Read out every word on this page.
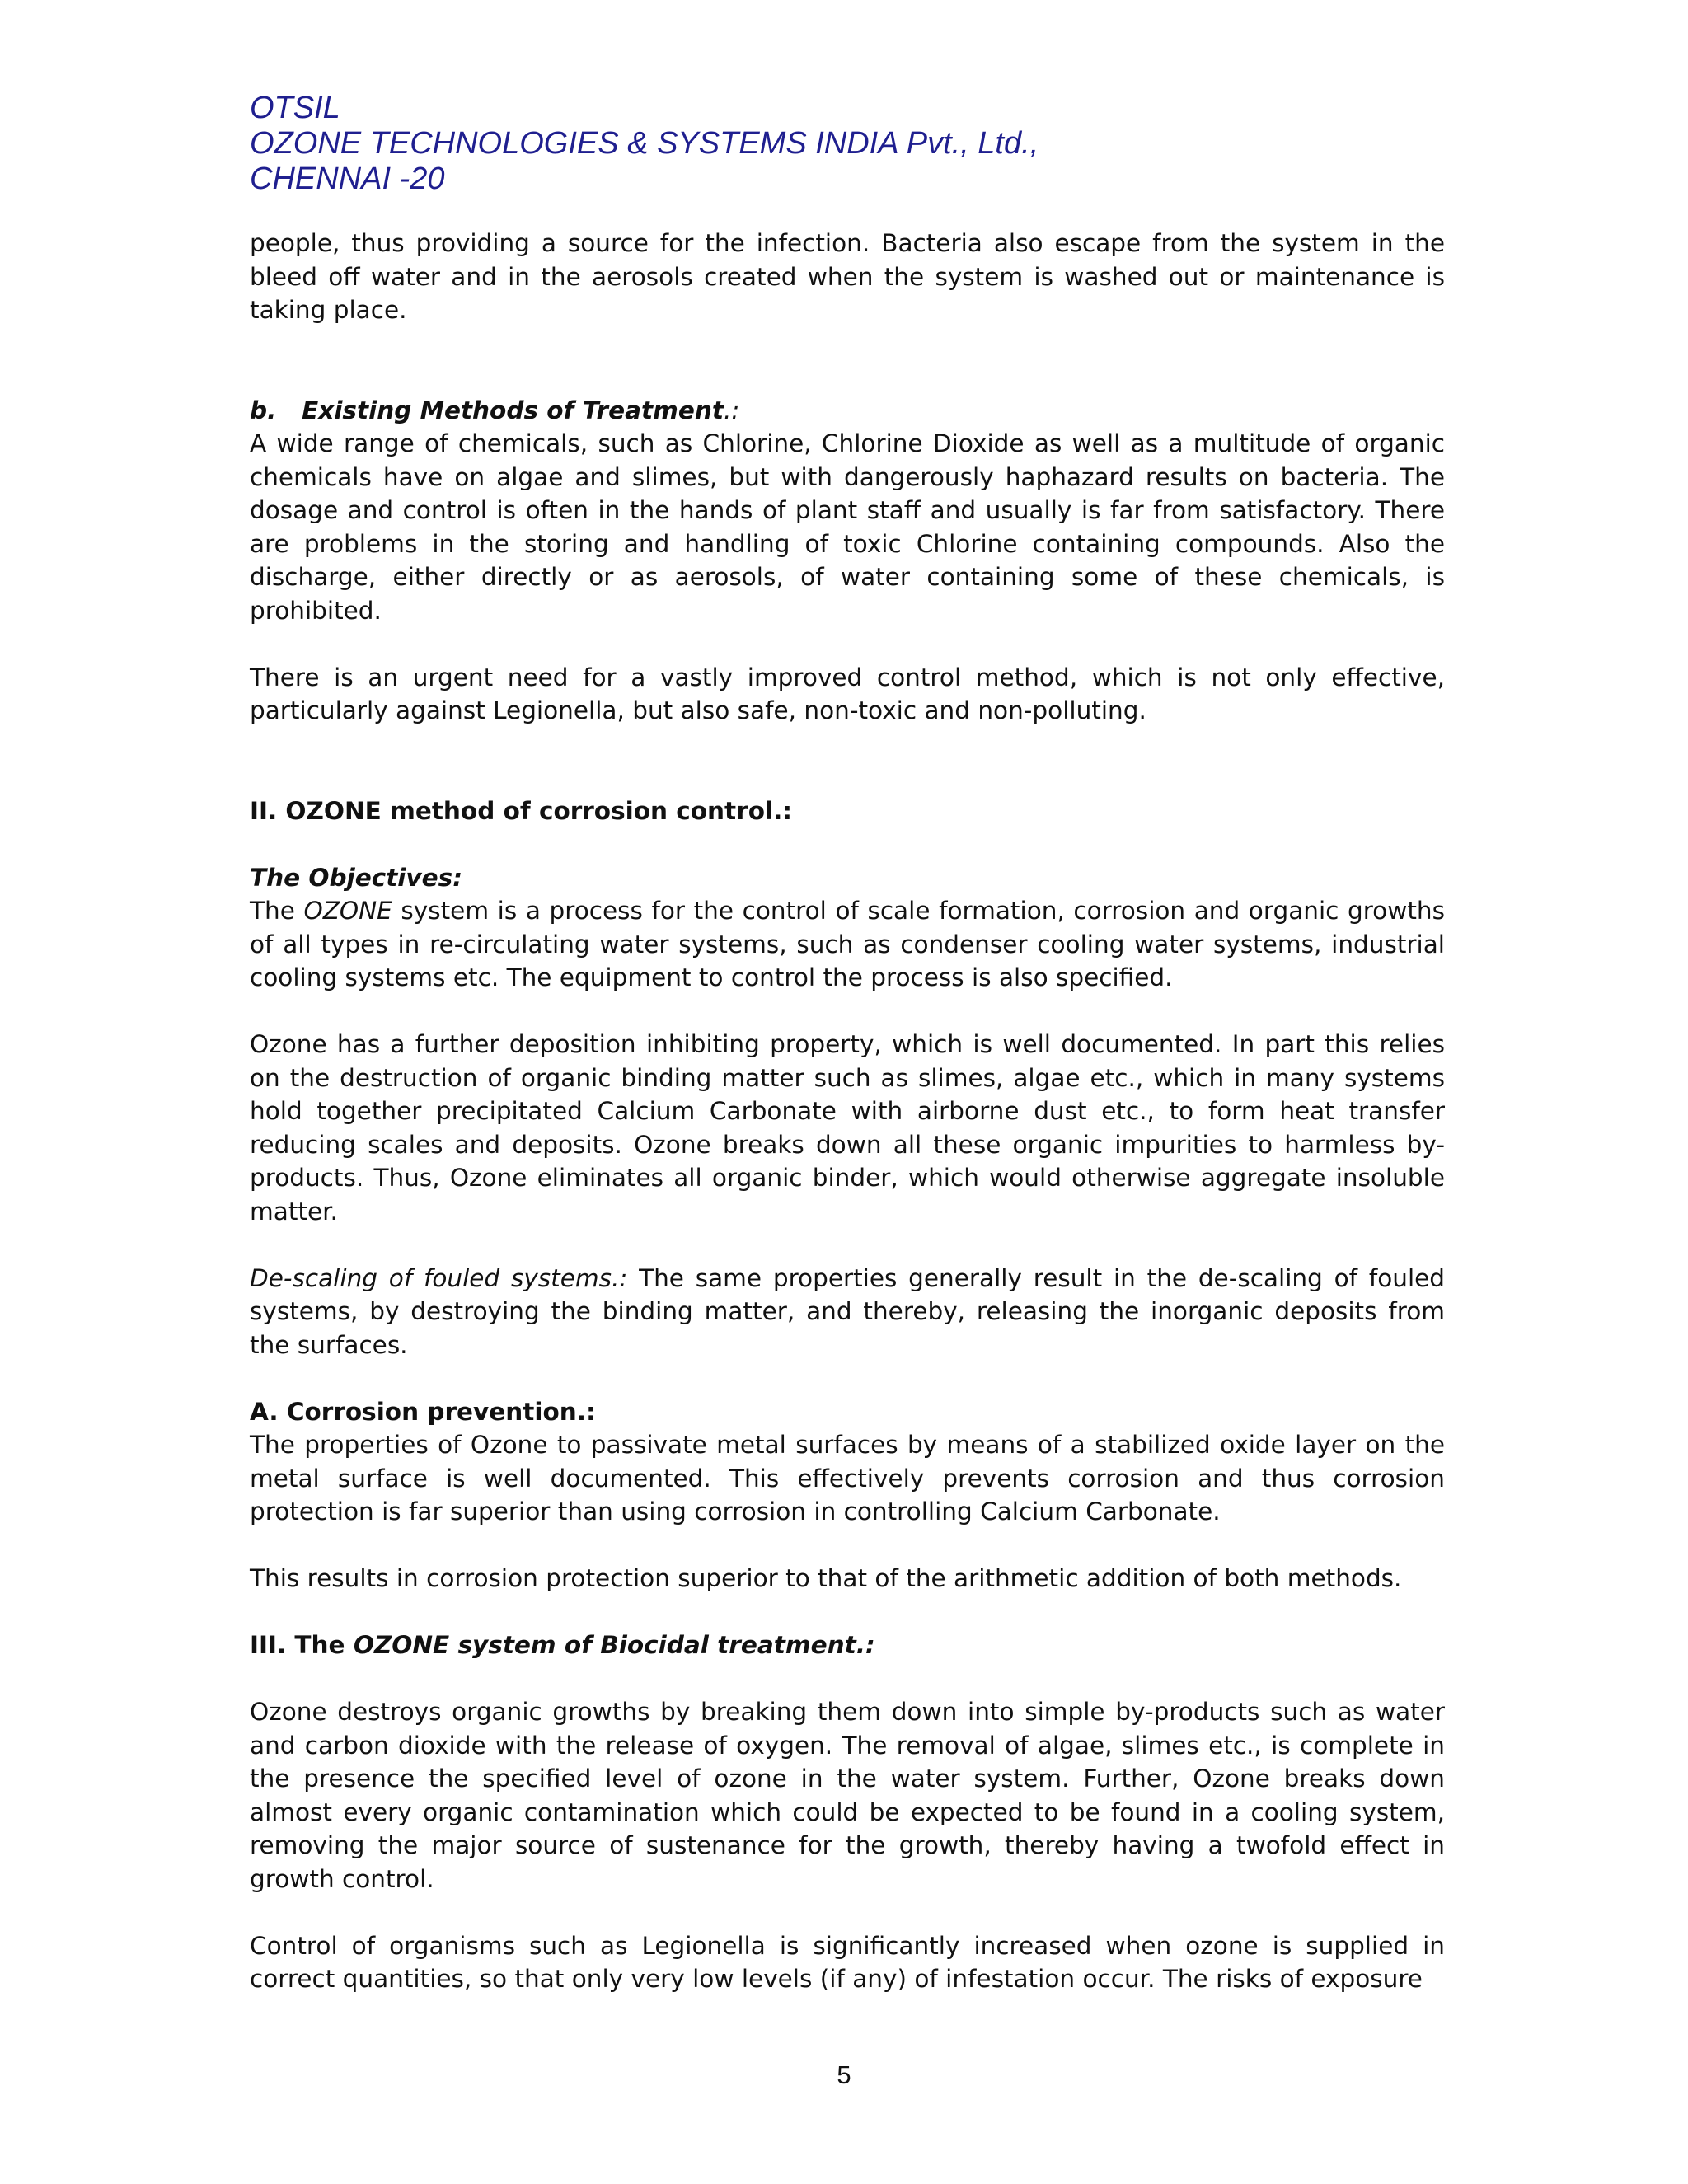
OTSIL
OZONE TECHNOLOGIES & SYSTEMS INDIA Pvt., Ltd.,
CHENNAI -20

people, thus providing a source for the infection. Bacteria also escape from the system in the bleed off water and in the aerosols created when the system is washed out or maintenance is taking place.

b. Existing Methods of Treatment.:

A wide range of chemicals, such as Chlorine, Chlorine Dioxide as well as a multitude of organic chemicals have on algae and slimes, but with dangerously haphazard results on bacteria. The dosage and control is often in the hands of plant staff and usually is far from satisfactory. There are problems in the storing and handling of toxic Chlorine containing compounds. Also the discharge, either directly or as aerosols, of water containing some of these chemicals, is prohibited.

There is an urgent need for a vastly improved control method, which is not only effective, particularly against Legionella, but also safe, non-toxic and non-polluting.

II. OZONE method of corrosion control.:
The Objectives:

The OZONE system is a process for the control of scale formation, corrosion and organic growths of all types in re-circulating water systems, such as condenser cooling water systems, industrial cooling systems etc. The equipment to control the process is also specified.

Ozone has a further deposition inhibiting property, which is well documented. In part this relies on the destruction of organic binding matter such as slimes, algae etc., which in many systems hold together precipitated Calcium Carbonate with airborne dust etc., to form heat transfer reducing scales and deposits. Ozone breaks down all these organic impurities to harmless by-products. Thus, Ozone eliminates all organic binder, which would otherwise aggregate insoluble matter.

De-scaling of fouled systems.: The same properties generally result in the de-scaling of fouled systems, by destroying the binding matter, and thereby, releasing the inorganic deposits from the surfaces.

A. Corrosion prevention.:

The properties of Ozone to passivate metal surfaces by means of a stabilized oxide layer on the metal surface is well documented. This effectively prevents corrosion and thus corrosion protection is far superior than using corrosion in controlling Calcium Carbonate.

This results in corrosion protection superior to that of the arithmetic addition of both methods.

III. The OZONE system of Biocidal treatment.:

Ozone destroys organic growths by breaking them down into simple by-products such as water and carbon dioxide with the release of oxygen. The removal of algae, slimes etc., is complete in the presence the specified level of ozone in the water system. Further, Ozone breaks down almost every organic contamination which could be expected to be found in a cooling system, removing the major source of sustenance for the growth, thereby having a twofold effect in growth control.

Control of organisms such as Legionella is significantly increased when ozone is supplied in correct quantities, so that only very low levels (if any) of infestation occur. The risks of exposure

5
